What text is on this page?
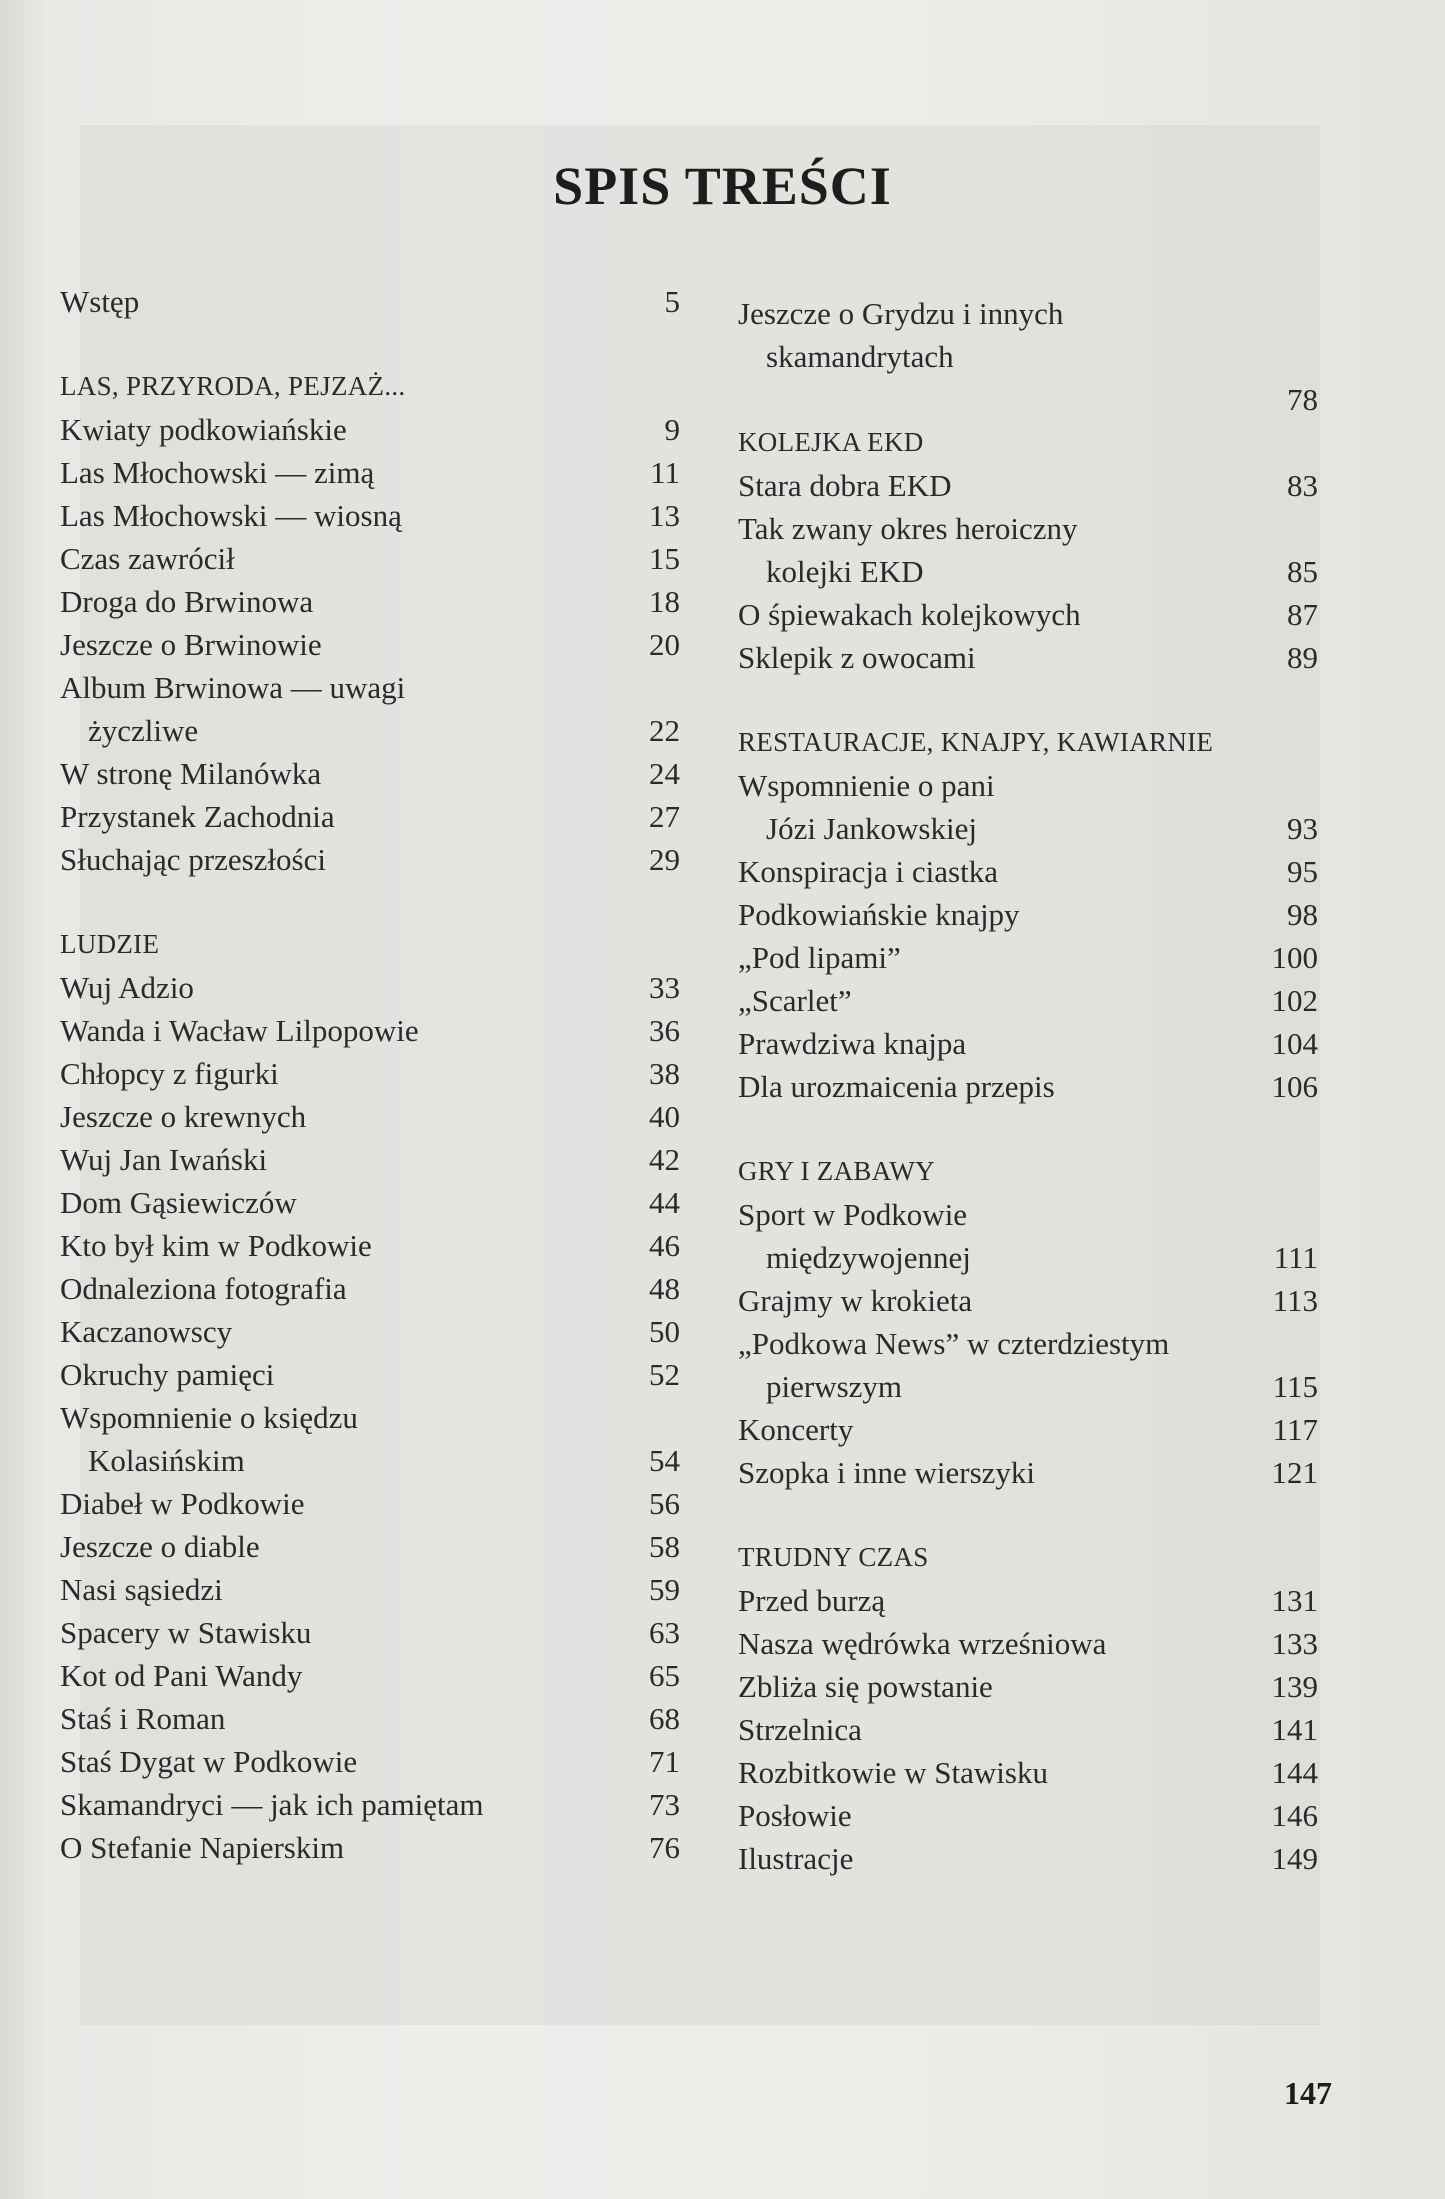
SPIS TREŚCI
Wstęp	5
LAS, PRZYRODA, PEJZAŻ...
Kwiaty podkowiańskie	9
Las Młochowski — zimą	11
Las Młochowski — wiosną	13
Czas zawrócił	15
Droga do Brwinowa	18
Jeszcze o Brwinowie	20
Album Brwinowa — uwagi
życzliwe	22
W stronę Milanówka	24
Przystanek Zachodnia	27
Słuchając przeszłości	29
LUDZIE
Wuj Adzio	33
Wanda i Wacław Lilpopowie	36
Chłopcy z figurki	38
Jeszcze o krewnych	40
Wuj Jan Iwański	42
Dom Gąsiewiczów	44
Kto był kim w Podkowie	46
Odnaleziona fotografia	48
Kaczanowscy	50
Okruchy pamięci	52
Wspomnienie o księdzu
Kolasińskim	54
Diabeł w Podkowie	56
Jeszcze o diable	58
Nasi sąsiedzi	59
Spacery w Stawisku	63
Kot od Pani Wandy	65
Staś i Roman	68
Staś Dygat w Podkowie	71
Skamandryci — jak ich pamiętam	73
O Stefanie Napierskim	76
Jeszcze o Grydzu i innych
skamandrytach
78
KOLEJKA EKD
Stara dobra EKD	83
Tak zwany okres heroiczny
kolejki EKD	85
O śpiewakach kolejkowych	87
Sklepik z owocami	89
RESTAURACJE, KNAJPY, KAWIARNIE
Wspomnienie o pani
Józi Jankowskiej	93
Konspiracja i ciastka	95
Podkowiańskie knajpy	98
„Pod lipami”	100
„Scarlet”	102
Prawdziwa knajpa	104
Dla urozmaicenia przepis	106
GRY I ZABAWY
Sport w Podkowie
międzywojennej	111
Grajmy w krokieta	113
„Podkowa News” w czterdziestym
pierwszym	115
Koncerty	117
Szopka i inne wierszyki	121
TRUDNY CZAS
Przed burzą	131
Nasza wędrówka wrześniowa	133
Zbliża się powstanie	139
Strzelnica	141
Rozbitkowie w Stawisku	144
Posłowie	146
Ilustracje	149
147
